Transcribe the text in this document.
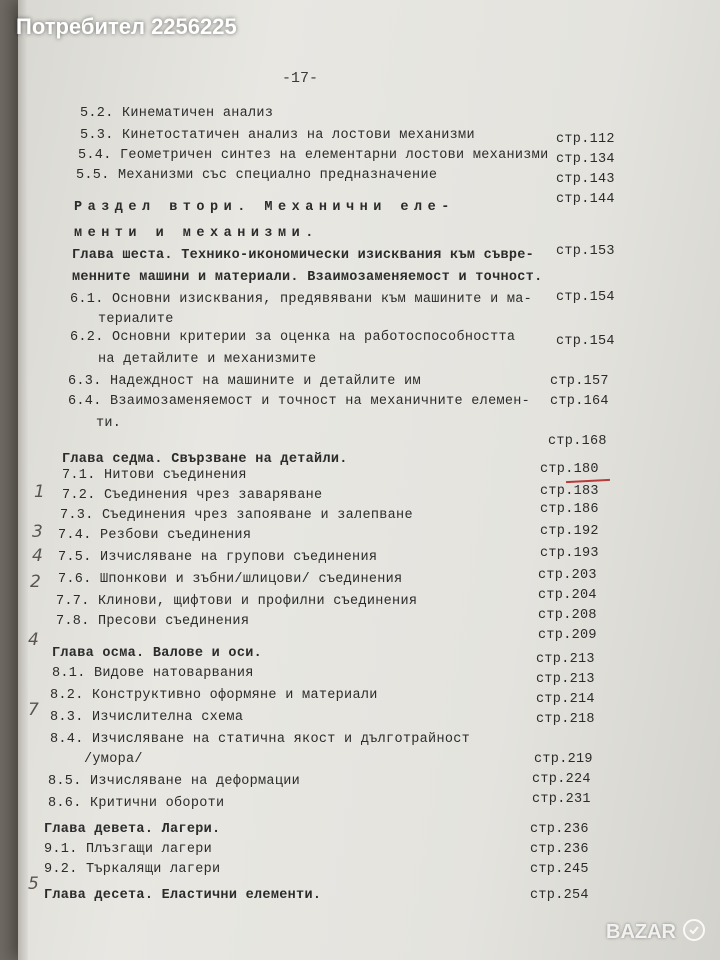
Потребител 2256225
-17-
5.2. Кинематичен анализ
5.3. Кинетостатичен анализ на лостови механизми
5.4. Геометричен синтез на елементарни лостови механизми
5.5. Механизми със специално предназначение
Раздел втори. Механични еле-
менти и механизми.
Глава шеста. Технико-икономически изисквания към съвре-
менните машини и материали. Взаимозаменяемост и точност.
6.1. Основни изисквания, предявявани към машините и ма-
териалите
6.2. Основни критерии за оценка на работоспособността
на детайлите и механизмите
6.3. Надеждност на машините и детайлите им
6.4. Взаимозаменяемост и точност на механичните елемен-
ти.
Глава седма. Свързване на детайли.
7.1. Нитови съединения
7.2. Съединения чрез заваряване
7.3. Съединения чрез запояване и залепване
7.4. Резбови съединения
7.5. Изчисляване на групови съединения
7.6. Шпонкови и зъбни/шлицови/ съединения
7.7. Клинови, щифтови и профилни съединения
7.8. Пресови съединения
Глава осма. Валове и оси.
8.1. Видове натоварвания
8.2. Конструктивно оформяне и материали
8.3. Изчислителна схема
8.4. Изчисляване на статична якост и дълготрайност
/умора/
8.5. Изчисляване на деформации
8.6. Критични обороти
Глава девета. Лагери.
9.1. Плъзгащи лагери
9.2. Търкалящи лагери
Глава десета. Еластични елементи.
стр.112
стр.134
стр.143
стр.144
стр.153
стр.154
стр.154
стр.157
стр.164
стр.168
стр.180
стр.183
стр.186
стр.192
стр.193
стр.203
стр.204
стр.208
стр.209
стр.213
стр.213
стр.214
стр.218
стр.219
стр.224
стр.231
стр.236
стр.236
стр.245
стр.254
1
3
4
2
4
7
5
BAZAR
